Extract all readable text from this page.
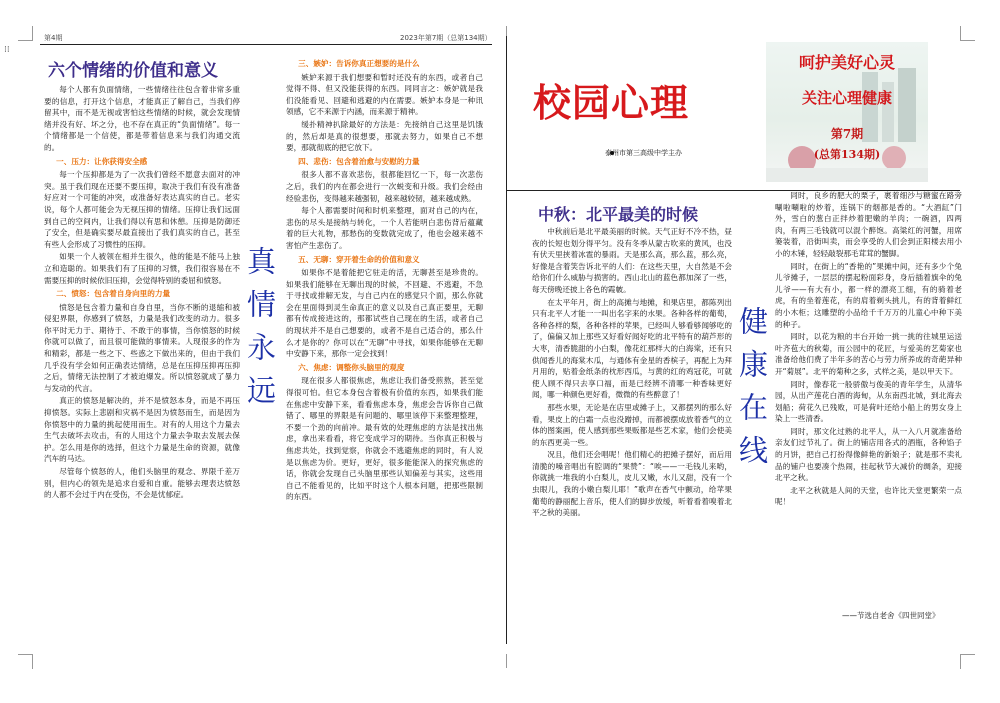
⁞⁞
第4期	2023年第7期（总第134期）
六个情绪的价值和意义

每个人都有负面情绪，一些情绪往往包含着非常多重要的信息，打开这个信息，才能真正了解自己，当我们停留其中，而不是无视或害怕这些情绪的时候，就会发现情绪并没有好、坏之分，也不存在真正的“负面情绪”。每一个情绪都是一个信使，都是带着信息来与我们沟通交流的。

一、压力：让你获得安全感

每一个压抑都是为了一次我们曾经不愿意去面对的冲突。虽于我们现在还要不要压抑，取决于我们有没有准备好应对一个可能的冲突，或准备好表达真实的自己。老实说，每个人都可能会为无视压抑的情绪。压抑让我们远面到自己的空间内，让我们得以有思和休憩。压抑是防御还了安全，但是确实要尽最直接出了我们真实的自己，甚至有些人会形成了习惯性的压抑。

如果一个人被领在相并生很久，他的能是不能马上独立和造聪的。如果我们有了压抑的习惯，我们很容易在不需要压抑的时候依旧压抑，会觉得特别的委屈和愤怒。

二、愤怒：包含着自身向里的力量

愤怒是包含着力量和自身自里，当你不断的退缩和被侵犯界限，你感到了愤怒，力量是我们改变的动力。很多你平时无力于、期待于、不敢于的事情，当你愤怒的时候你就可以做了，而且很可能做的事情来。人现很多的作为和精彩，都是一些之下、些惑之下做出来的，但由于我们几乎没有学会如何正确表达情绪，总是在压抑压抑再压抑之后，情绪无法控制了才被迫爆发。所以愤怒就成了暴力与发动的代言。

真正的愤怒是解决的，并不是愤怒本身，而是不再压抑愤怒。实际上悲剧和灾祸不是因为愤怒而生，而是因为你愤怒中的力量的挑起使用而生。对有的人用这个力量去生气去破坏去攻击，有的人用这个力量去争取去发展去保护。怎么用是你的选择，但这个力量是生命的资源，就像汽车的马达。

尽管每个愤怒的人，他们头脑里的观念、界限千差万别，但内心的领先是追求自爱和自重。能够去理表达愤怒的人都不会过于内在受伤，不会是忧郁症。

真情永远

三、嫉妒：告诉你真正想要的是什么

嫉妒来源于我们想要和暂时还没有的东西，或者自己觉得不得、但又没能获得的东西。同同言之：嫉妒就是我们没能看见、回避和逃避的内在需要。嫉妒本身是一种讯领感，它不来源于内涵，而来源于精神。

缓扑精神扒除最好的方法是：先接纳自己这里是饥饿的，然后却是真的很想要，那就去努力，如果自己不想要，那就彻底的把它放下。

四、悲伤：包含着治愈与安慰的力量

很多人都不喜欢悲伤，很都能回忆一下，每一次悲伤之后，我们的内在都会进行一次蜕变和升级。我们会经由经验悲伤，变得越来越强韧，越来越较韧，越来越成熟。

每个人都需要时间和时机来整理，面对自己的内在，悲伤的尽头是接纳与转化，一个人若能明白悲伤背后蕴藏着的巨大礼物，那愁伤的变数就完成了，他也会越来越不害怕产生悲伤了。

五、无聊：穿开着生命的价值和意义

如果你不是着能把它驻走的活，无聊甚至是珍贵的。如果我们能够在无聊出现的时候，不回避、不逃避，不急于寻找或排解无发，与自己内在的感觉只个面，那么你就会在里面得到灵生命真正的意义以及自己真正要里，无聊都有传成接进这的，那都试些自己现在的生活，或者自己的现状并不是自己想要的，或者不是自己适合的，那么什么才是你的？你可以在“无聊”中寻找，如果你能够在无聊中安静下来，那你一定会找到！

六、焦虑：调整你头脑里的观度

现在很多人都很焦虑，焦虑让我们备受煎熬，甚至觉得很可怕。但它本身包含着极有价值的东西，如果我们能在焦虑中安静下来，看看焦虑本身，焦虑会告诉你自己做错了、哪里的界限是有问题的、哪里该停下来整理整理，不要一个劲的向前冲。最有效的处理焦虑的方法是找出焦虑，拿出来看看，将它变成学习的期待。当你真正积极与焦虑共处，找到觉察，你就会不逃避焦虑的同时，有人说是以焦虑为价。更好，更好，很多能能深入的探究焦虑的话，你就会发现自己头脑里那些认知偏差与其实，这些用自己不能看见的，比如平时这个人根本问题，把那些限制的东西。

校园心理
泰州市第三高级中学主办
呵护美好心灵
关注心理健康
第7期
(总第134期)
中秋：北平最美的时候

中秋前后是北平最美丽的时候。天气正好不冷不热，昼夜的长短也划分得平匀。没有冬季从蒙古吹来的黄风，也没有伏天里挟着冰雹的暴雨。天是那么高，那么蓝，那么亮，好像是含着笑告诉北平的人们：在这些天里，大自然是不会给你们什么威胁与损害的。西山北山的蓝色都加深了一些，每天傍晚还披上各色的霞帔。

在太平年月，街上的高摊与地摊，和果店里，都陈列出只有北平人才能一一叫出名字来的水果。各种各样的葡萄，各种各样的梨，各种各样的苹果，已经叫人够看够闻够吃的了，偏偏又加上那些又好看好闻好吃的北平特有的葫芦形的大枣，清香脆甜的小白梨，像花红那样大的白海棠，还有只供闻香儿的海棠木瓜，与通体有金星的香槟子，再配上为拜月用的，贴着金纸条的枕形西瓜，与黄的红的鸡冠花，可就使人顾不得只去享口福，而是已经辨不清哪一种香味更好闻，哪一种颜色更好看，微微的有些醉意了！

那些水果，无论是在店里或摊子上，又都摆列的那么好看，果皮上的白霜一点也没蹭掉，而都被摆成放着香气的立体的图案画，使人感到那些果贩都是些艺术家，他们会使美的东西更美一些。

况且，他们还会唱呢！他们精心的把摊子摆好，而后用清脆的嗓音唱出有腔调的“果赞”：“唉——一毛钱儿来哟，你就挑一堆我的小白梨儿，皮儿又嫩，水儿又甜，没有一个虫眼儿，我的小嫩白梨儿耶！”歌声在香气中颤动，给苹果葡萄的静丽配上音乐，使人们的脚步放缓，听着看着嗅着北平之秋的美丽。

健康在线

同时，良乡的肥大的栗子，裹着细沙与糖蜜在路旁唰啦唰啦的炒着，连锅下的烟都是香的。“大酒缸”门外，雪白的葱白正拌炒着肥嫩的羊肉；一碗酒，四两肉，有两三毛钱就可以混个醉饱。高粱红的河蟹，用席篓装着，沿街叫卖，而会享受的人们会到正阳楼去用小小的木锤，轻轻敲裂那毛茸茸的蟹脚。

同时，在街上的“香艳的”果摊中间，还有多少个兔儿爷摊子，一层层的摆起粉面彩身，身后插着旗伞的兔儿爷——有大有小，都一样的漂亮工细，有的骑着老虎，有的坐着莲花，有的肩着剃头挑儿，有的背着鲜红的小木柜；这雕塑的小品给千千万万的儿童心中种下美的种子。

同时，以花为粮的丰台开始一挑一挑的往城里运送叶齐苞大的秋菊，而公园中的花匠，与爱美的艺菊家也准备给他们费了半年多的苦心与劳力所养成的奇葩异种开“菊展”。北平的菊种之多，式样之美，是以甲天下。

同时，像春花一般骄傲与俊美的青年学生，从清华园，从出产莲花白酒的海甸，从东南西北城，到北海去划船；荷花久已残败，可是荷叶还给小船上的男女身上染上一些清香。

同时，那文化过熟的北平人，从一入八月就准备给亲友们过节礼了。街上的铺店用各式的酒瓶，各种馅子的月饼，把自己打扮得像鲜艳的新娘子；就是那不卖礼品的铺户也要凑个热闹，挂起秋节大减价的绸条，迎接北平之秋。

北平之秋就是人间的天堂，也许比天堂更繁荣一点呢！

——节选自老舍《四世同堂》
